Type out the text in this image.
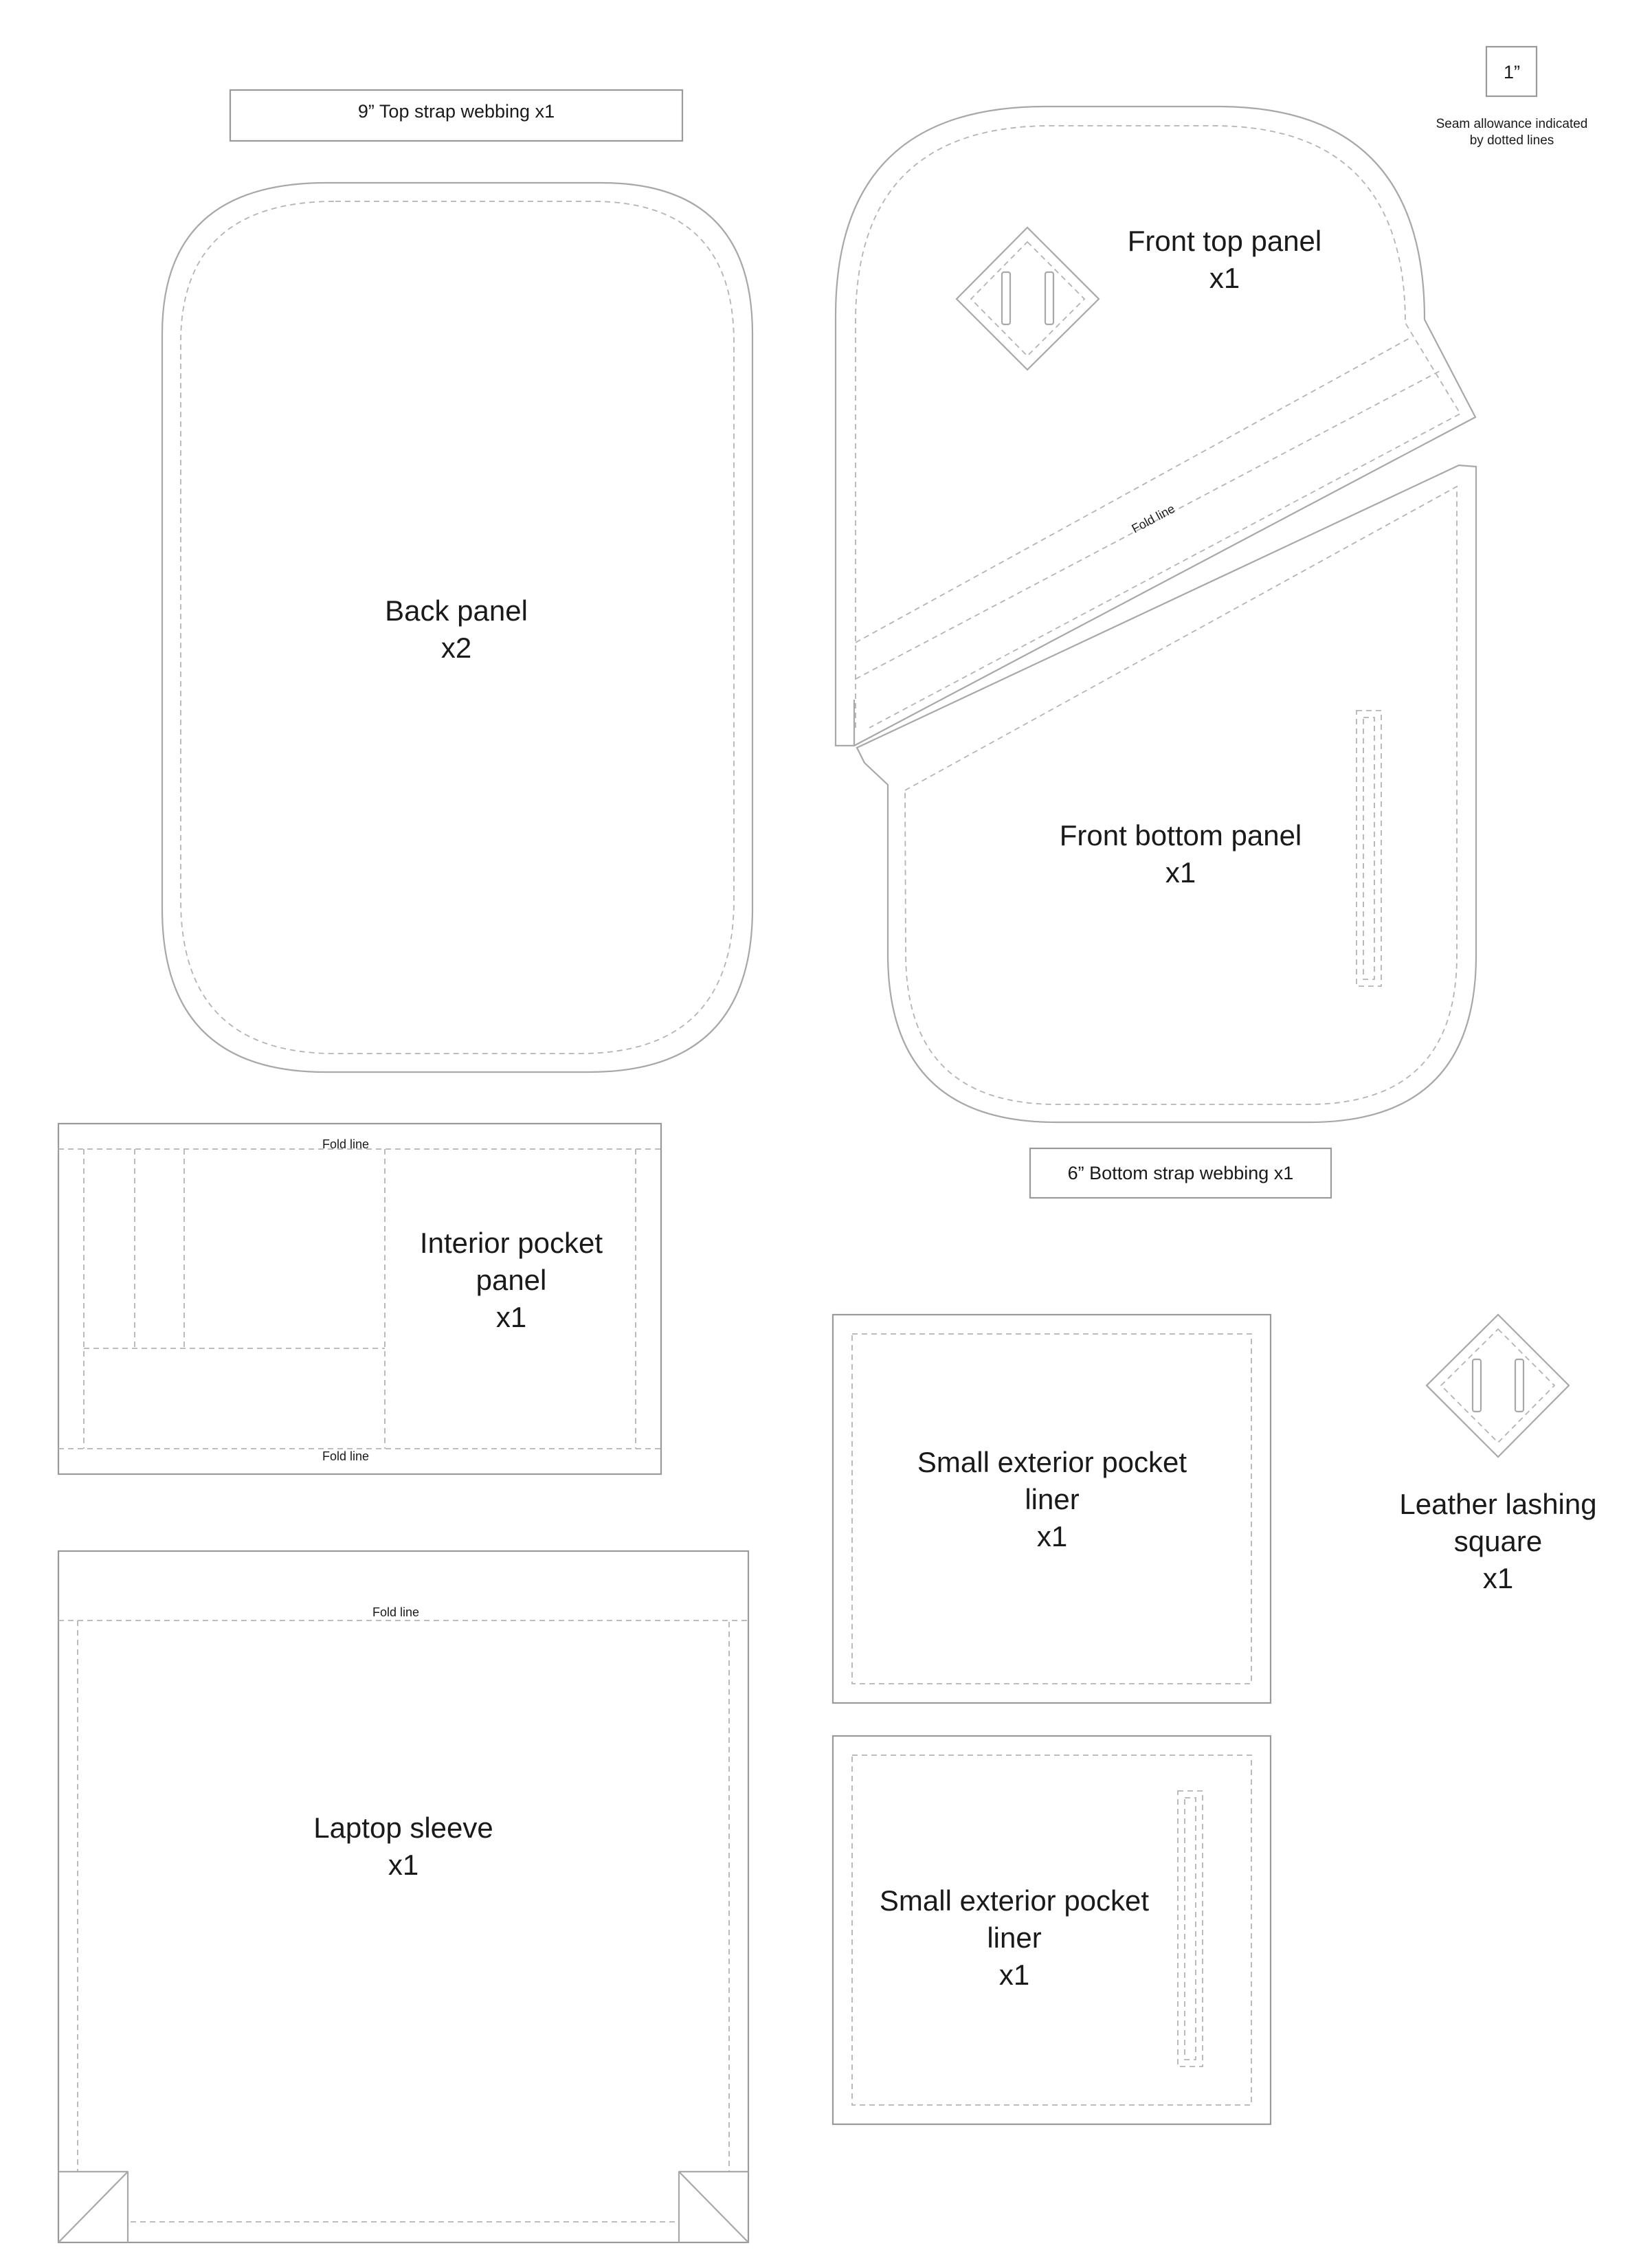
1”
Seam allowance indicated
by dotted lines
9” Top strap webbing x1
Back panel
x2
Fold line
Front top panel
x1
Front bottom panel
x1
6” Bottom strap webbing x1
Fold line
Fold line
Interior pocket
panel
x1
Fold line
Laptop sleeve
x1
Small exterior pocket
liner
x1
Small exterior pocket
liner
x1
Leather lashing
square
x1
